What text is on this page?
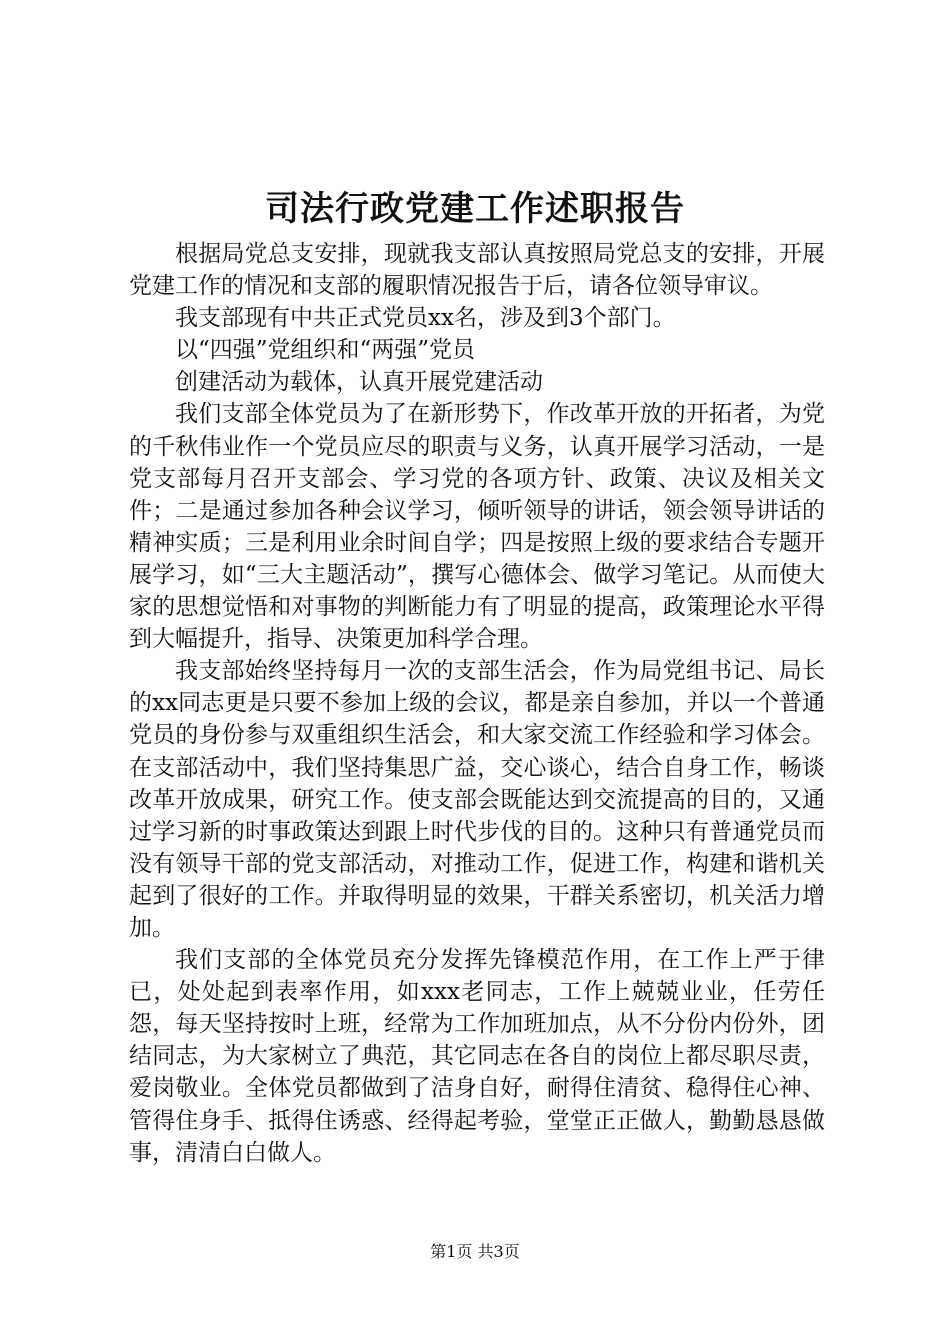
司法行政党建工作述职报告

根据局党总支安排，现就我支部认真按照局党总支的安排，开展党建工作的情况和支部的履职情况报告于后，请各位领导审议。

我支部现有中共正式党员xx名，涉及到3个部门。

以“四强”党组织和“两强”党员

创建活动为载体，认真开展党建活动

我们支部全体党员为了在新形势下，作改革开放的开拓者，为党的千秋伟业作一个党员应尽的职责与义务，认真开展学习活动，一是党支部每月召开支部会、学习党的各项方针、政策、决议及相关文件；二是通过参加各种会议学习，倾听领导的讲话，领会领导讲话的精神实质；三是利用业余时间自学；四是按照上级的要求结合专题开展学习，如“三大主题活动”，撰写心德体会、做学习笔记。从而使大家的思想觉悟和对事物的判断能力有了明显的提高，政策理论水平得到大幅提升，指导、决策更加科学合理。

我支部始终坚持每月一次的支部生活会，作为局党组书记、局长的xx同志更是只要不参加上级的会议，都是亲自参加，并以一个普通党员的身份参与双重组织生活会，和大家交流工作经验和学习体会。在支部活动中，我们坚持集思广益，交心谈心，结合自身工作，畅谈改革开放成果，研究工作。使支部会既能达到交流提高的目的，又通过学习新的时事政策达到跟上时代步伐的目的。这种只有普通党员而没有领导干部的党支部活动，对推动工作，促进工作，构建和谐机关起到了很好的工作。并取得明显的效果，干群关系密切，机关活力增加。

我们支部的全体党员充分发挥先锋模范作用，在工作上严于律已，处处起到表率作用，如xxx老同志，工作上兢兢业业，任劳任怨，每天坚持按时上班，经常为工作加班加点，从不分份内份外，团结同志，为大家树立了典范，其它同志在各自的岗位上都尽职尽责，爱岗敬业。全体党员都做到了洁身自好，耐得住清贫、稳得住心神、管得住身手、抵得住诱惑、经得起考验，堂堂正正做人，勤勤恳恳做事，清清白白做人。

第1页 共3页
